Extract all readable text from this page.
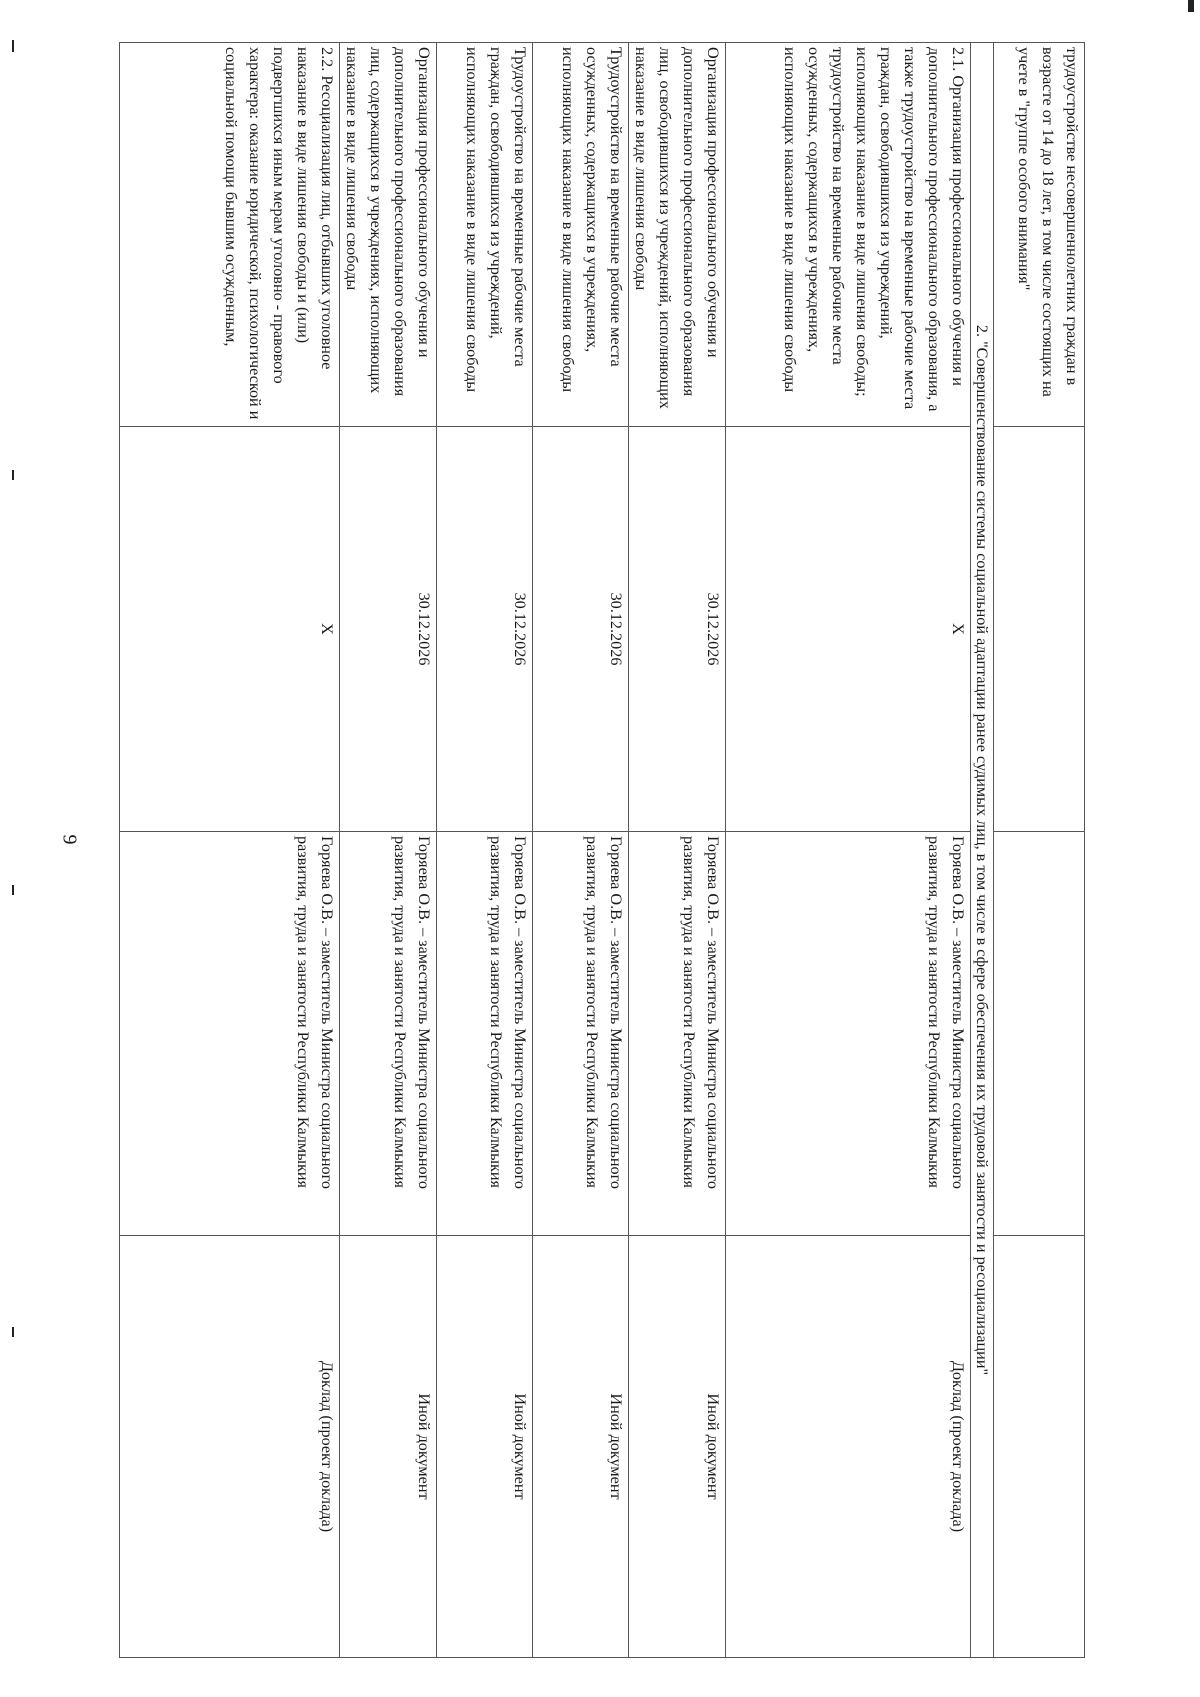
9
трудоустройстве несовершеннолетних граждан в возрасте от 14 до 18 лет, в том числе состоящих на учете в "группе особого внимания"			
2. "Совершенствование системы социальной адаптации ранее судимых лиц, в том числе в сфере обеспечения их трудовой занятости и ресоциализации"			
2.1. Организация профессионального обучения и дополнительного профессионального образования, а также трудоустройство на временные рабочие места граждан, освободившихся из учреждений, исполняющих наказание в виде лишения свободы; трудоустройство на временные рабочие места осужденных, содержащихся в учреждениях, исполняющих наказание в виде лишения свободы	X	Горяева О.В. – заместитель Министра социального развития, труда и занятости Республики Калмыкия	Доклад (проект доклада)
Организация профессионального обучения и дополнительного профессионального образования лиц, освободившихся из учреждений, исполняющих наказание в виде лишения свободы	30.12.2026	Горяева О.В. – заместитель Министра социального развития, труда и занятости Республики Калмыкия	Иной документ
Трудоустройство на временные рабочие места осужденных, содержащихся в учреждениях, исполняющих наказание в виде лишения свободы	30.12.2026	Горяева О.В. – заместитель Министра социального развития, труда и занятости Республики Калмыкия	Иной документ
Трудоустройство на временные рабочие места граждан, освободившихся из учреждений, исполняющих наказание в виде лишения свободы	30.12.2026	Горяева О.В. – заместитель Министра социального развития, труда и занятости Республики Калмыкия	Иной документ
Организация профессионального обучения и дополнительного профессионального образования лиц, содержащихся в учреждениях, исполняющих наказание в виде лишения свободы	30.12.2026	Горяева О.В. – заместитель Министра социального развития, труда и занятости Республики Калмыкия	Иной документ
2.2. Ресоциализация лиц, отбывших уголовное наказание в виде лишения свободы и (или) подвергшихся иным мерам уголовно - правового характера: оказание юридической, психологической и социальной помощи бывшим осужденным,	X	Горяева О.В. – заместитель Министра социального развития, труда и занятости Республики Калмыкия	Доклад (проект доклада)
